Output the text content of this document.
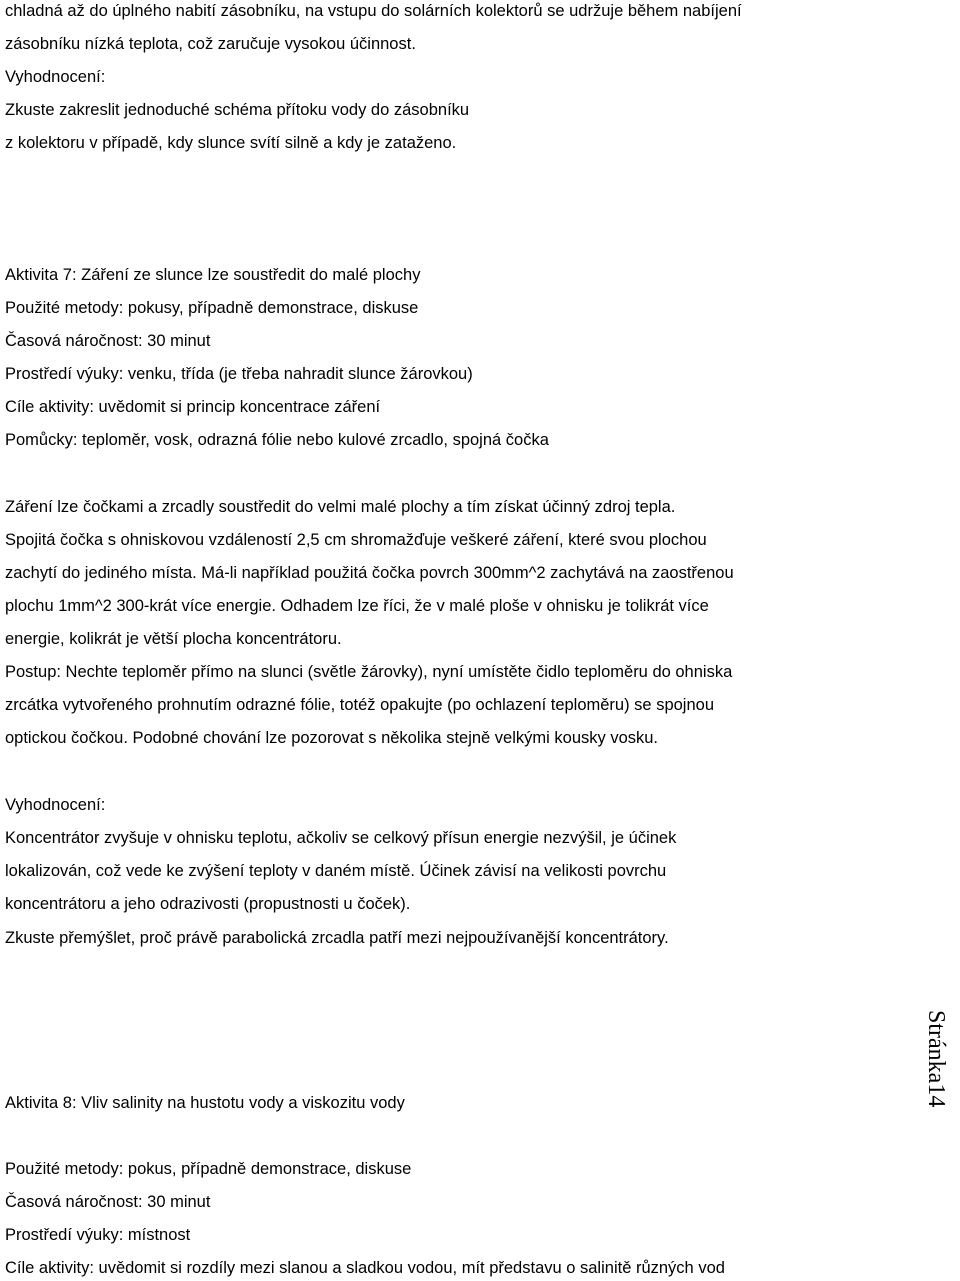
chladná až do úplného nabití zásobníku, na vstupu do solárních kolektorů se udržuje během nabíjení
zásobníku nízká teplota, což zaručuje vysokou účinnost.
Vyhodnocení:
Zkuste zakreslit jednoduché schéma přítoku vody do zásobníku
z kolektoru v případě, kdy slunce svítí silně a kdy je zataženo.
Aktivita 7: Záření ze slunce lze soustředit do malé plochy
Použité metody: pokusy, případně demonstrace, diskuse
Časová náročnost: 30 minut
Prostředí výuky: venku, třída (je třeba nahradit slunce žárovkou)
Cíle aktivity: uvědomit si princip koncentrace záření
Pomůcky: teploměr, vosk, odrazná fólie nebo kulové zrcadlo, spojná čočka
Záření lze čočkami a zrcadly soustředit do velmi malé plochy a tím získat účinný zdroj tepla.
Spojitá čočka s ohniskovou vzdáleností 2,5 cm shromažďuje veškeré záření, které svou plochou
zachytí do jediného místa. Má-li například použitá čočka povrch 300mm^2 zachytává na zaostřenou
plochu 1mm^2 300-krát více energie. Odhadem lze říci, že v malé ploše v ohnisku je tolikrát více
energie, kolikrát je větší plocha koncentrátoru.
Postup: Nechte teploměr přímo na slunci (světle žárovky), nyní umístěte čidlo teploměru do ohniska
zrcátka vytvořeného prohnutím odrazné fólie, totéž opakujte (po ochlazení teploměru) se spojnou
optickou čočkou. Podobné chování lze pozorovat s několika stejně velkými kousky vosku.
Vyhodnocení:
Koncentrátor zvyšuje v ohnisku teplotu, ačkoliv se celkový přísun energie nezvýšil, je účinek
lokalizován, což vede ke zvýšení teploty v daném místě. Účinek závisí na velikosti povrchu
koncentrátoru a jeho odrazivosti (propustnosti u čoček).
Zkuste přemýšlet, proč právě parabolická zrcadla patří mezi nejpoužívanější koncentrátory.
Aktivita 8: Vliv salinity na hustotu vody a viskozitu vody
Použité metody: pokus, případně demonstrace, diskuse
Časová náročnost: 30 minut
Prostředí výuky: místnost
Cíle aktivity: uvědomit si rozdíly mezi slanou a sladkou vodou, mít představu o salinitě různých vod
Stránka14
